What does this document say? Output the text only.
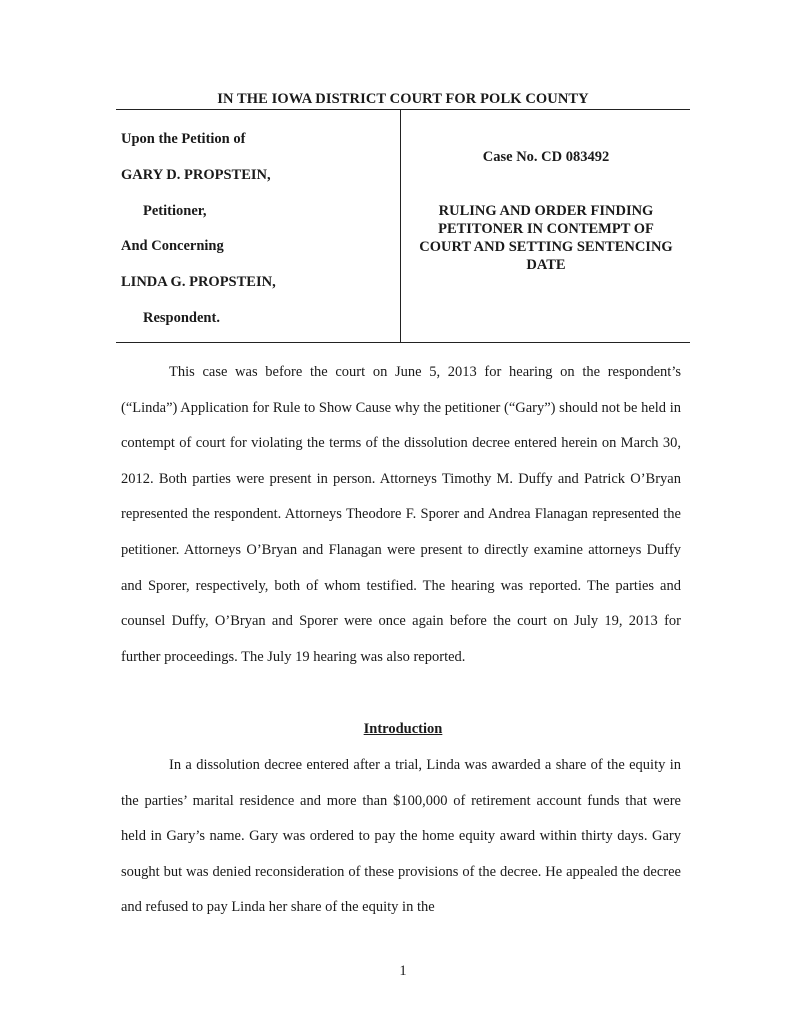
IN THE IOWA DISTRICT COURT FOR POLK COUNTY
Upon the Petition of
GARY D. PROPSTEIN,
Petitioner,
And Concerning
LINDA G. PROPSTEIN,
Respondent.
Case No. CD 083492
RULING AND ORDER FINDING PETITONER IN CONTEMPT OF COURT AND SETTING SENTENCING DATE

This case was before the court on June 5, 2013 for hearing on the respondent’s (“Linda”) Application for Rule to Show Cause why the petitioner (“Gary”) should not be held in contempt of court for violating the terms of the dissolution decree entered herein on March 30, 2012. Both parties were present in person. Attorneys Timothy M. Duffy and Patrick O’Bryan represented the respondent. Attorneys Theodore F. Sporer and Andrea Flanagan represented the petitioner. Attorneys O’Bryan and Flanagan were present to directly examine attorneys Duffy and Sporer, respectively, both of whom testified. The hearing was reported. The parties and counsel Duffy, O’Bryan and Sporer were once again before the court on July 19, 2013 for further proceedings. The July 19 hearing was also reported.

Introduction

In a dissolution decree entered after a trial, Linda was awarded a share of the equity in the parties’ marital residence and more than $100,000 of retirement account funds that were held in Gary’s name. Gary was ordered to pay the home equity award within thirty days. Gary sought but was denied reconsideration of these provisions of the decree. He appealed the decree and refused to pay Linda her share of the equity in the

1
